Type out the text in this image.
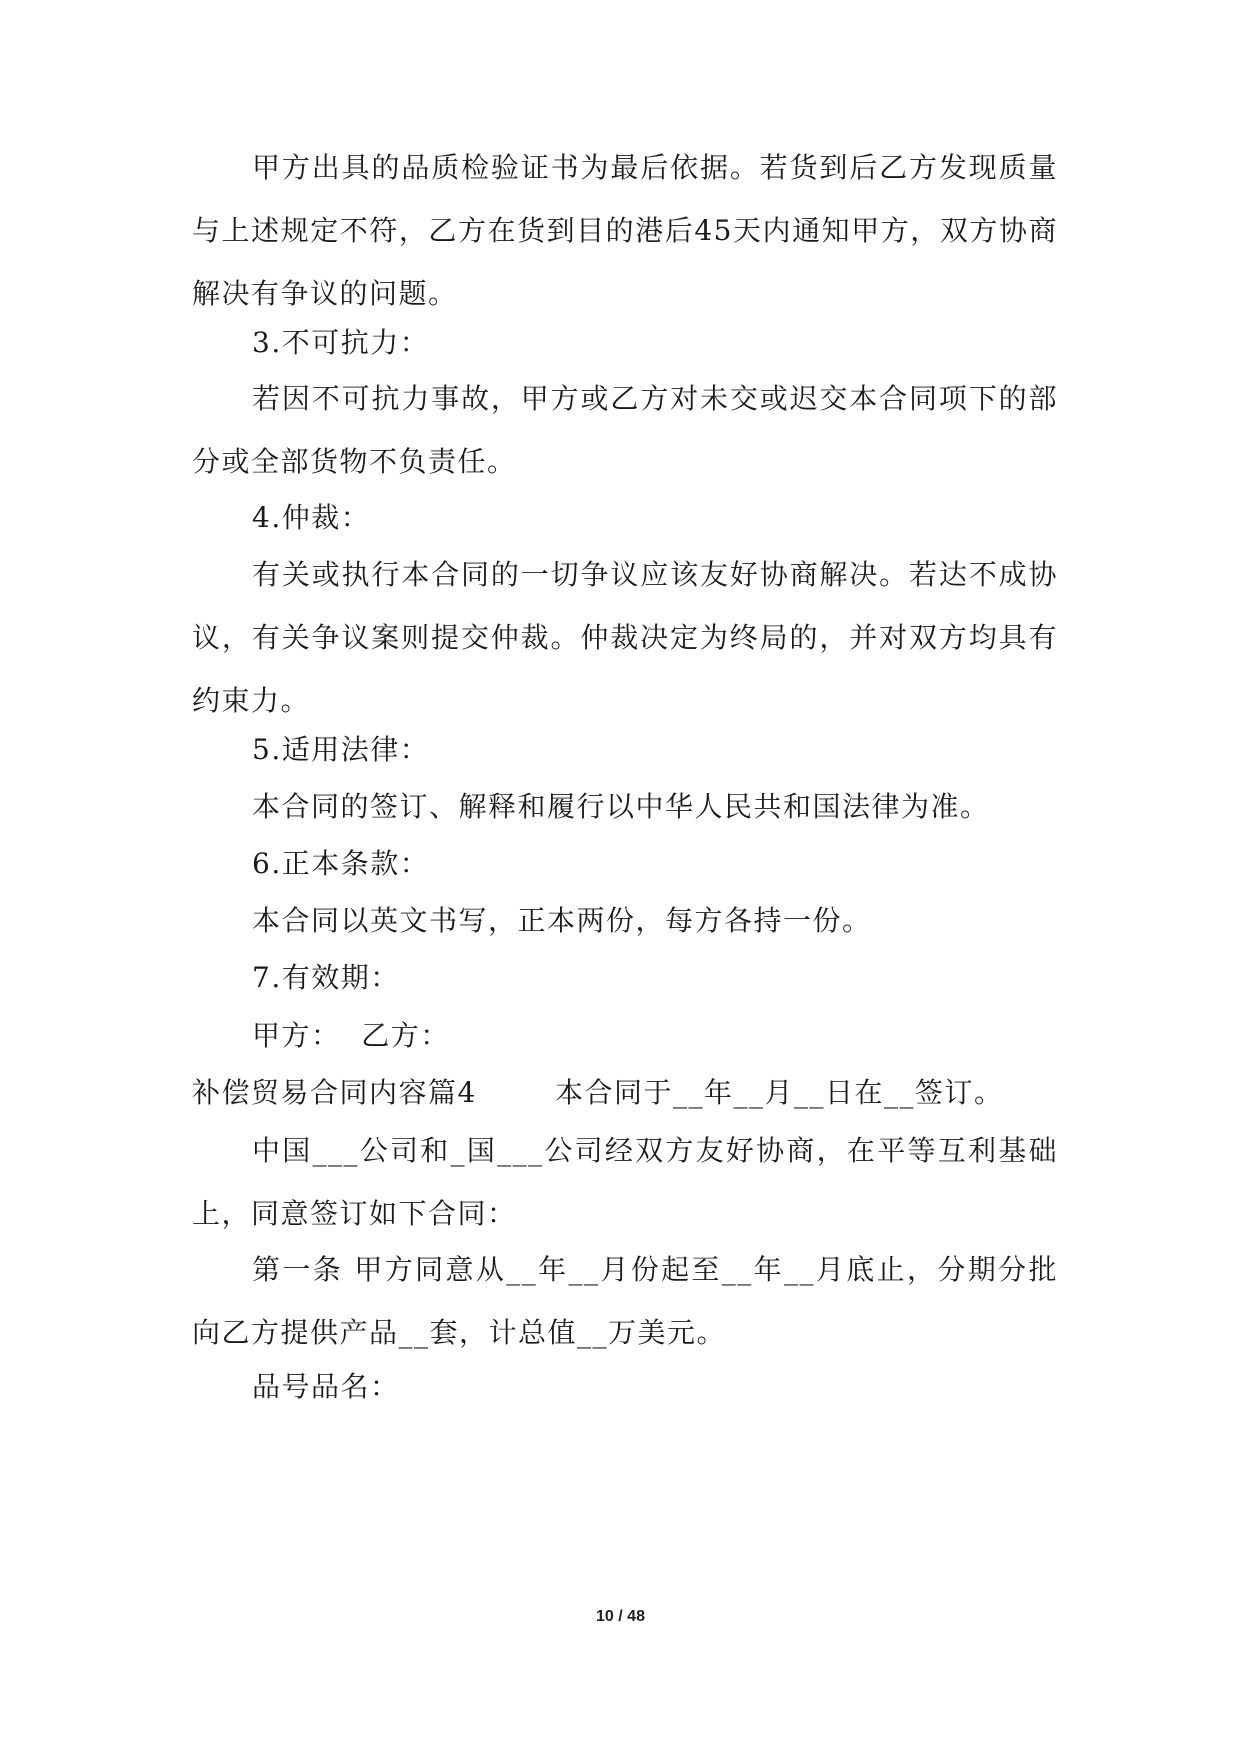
甲方出具的品质检验证书为最后依据。若货到后乙方发现质量与上述规定不符，乙方在货到目的港后45天内通知甲方，双方协商解决有争议的问题。

3.不可抗力：

若因不可抗力事故，甲方或乙方对未交或迟交本合同项下的部分或全部货物不负责任。

4.仲裁：

有关或执行本合同的一切争议应该友好协商解决。若达不成协议，有关争议案则提交仲裁。仲裁决定为终局的，并对双方均具有约束力。

5.适用法律：

本合同的签订、解释和履行以中华人民共和国法律为准。

6.正本条款：

本合同以英文书写，正本两份，每方各持一份。

7.有效期：

甲方：  乙方：

补偿贸易合同内容篇4	本合同于__年__月__日在__签订。

中国___公司和_国___公司经双方友好协商，在平等互利基础上，同意签订如下合同：

第一条 甲方同意从__年__月份起至__年__月底止，分期分批向乙方提供产品__套，计总值__万美元。

品号品名：

10 / 48
